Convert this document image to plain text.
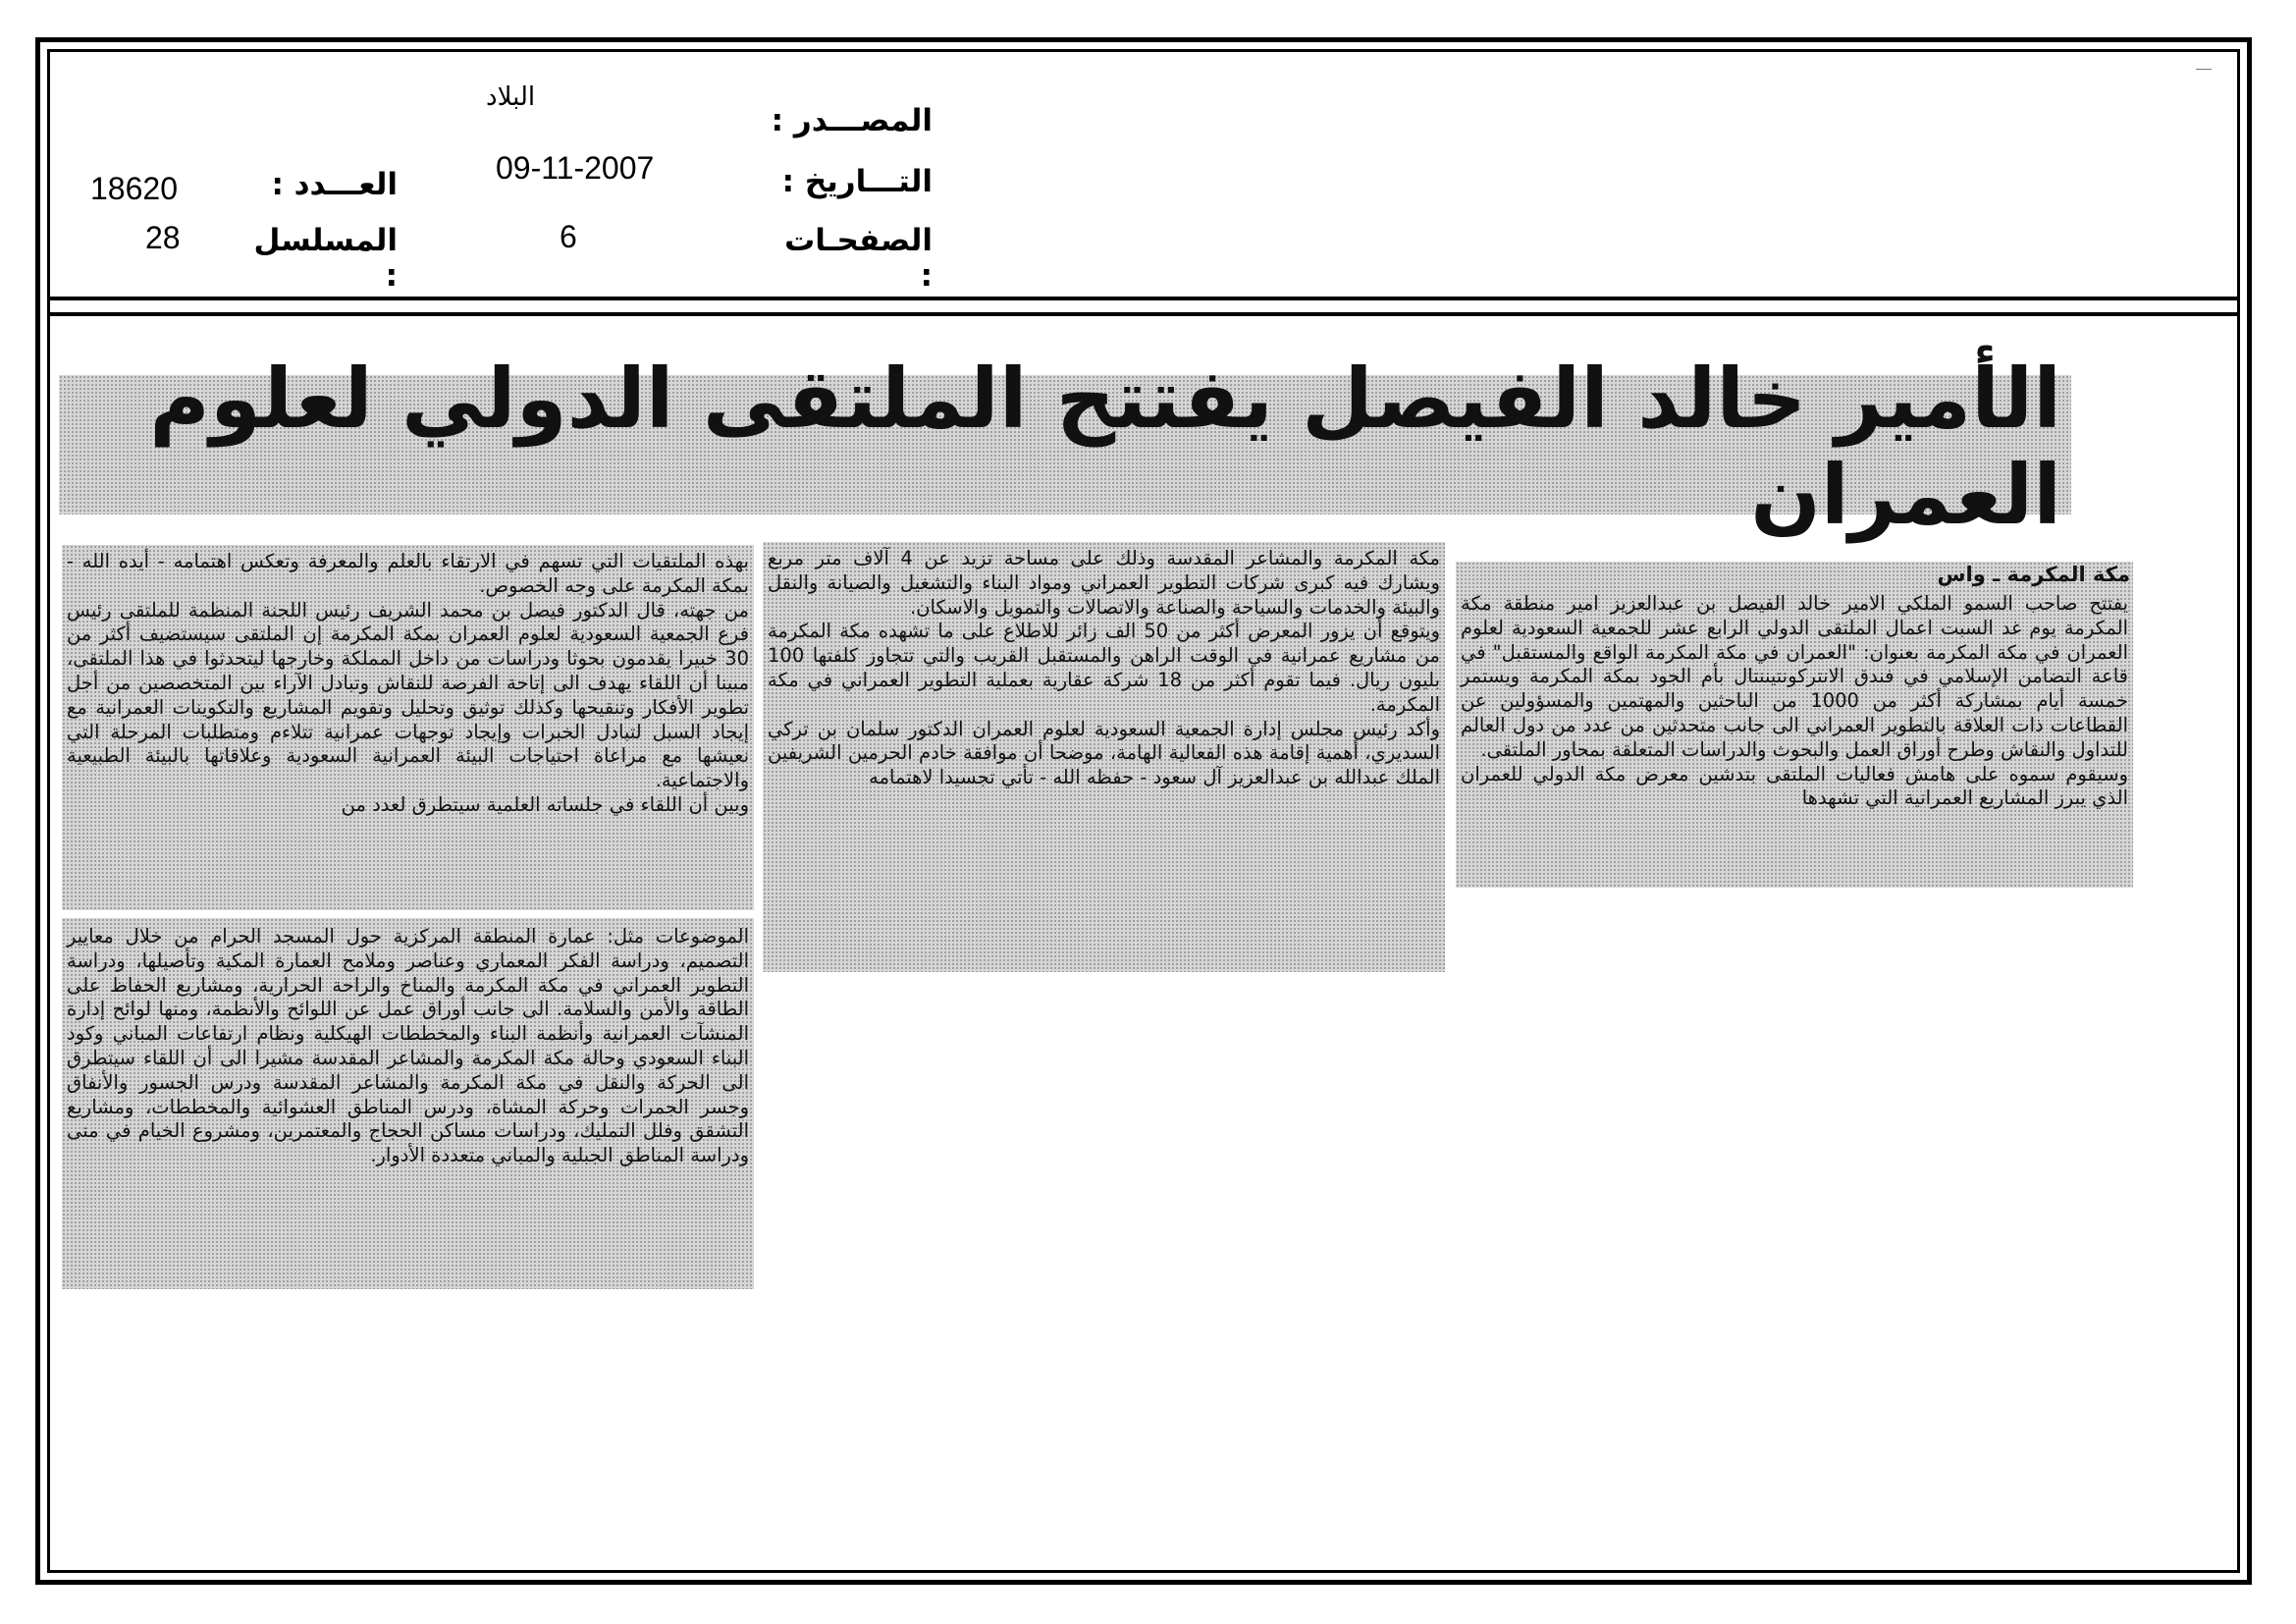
المصـــدر :
التـــاريخ :
الصفحـات :
العـــدد :
المسلسل :
البلاد
09-11-2007
6
18620
28
الأمير خالد الفيصل يفتتح الملتقى الدولي لعلوم العمران
مكة المكرمة ـ واس
يفتتح صاحب السمو الملكي الامير خالد الفيصل بن عبدالعزيز امير منطقة مكة المكرمة يوم غد السبت اعمال الملتقى الدولي الرابع عشر للجمعية السعودية لعلوم العمران في مكة المكرمة بعنوان: "العمران في مكة المكرمة الواقع والمستقبل" في قاعة التضامن الإسلامي في فندق الانتركونتيننتال بأم الجود بمكة المكرمة ويستمر خمسة أيام بمشاركة أكثر من 1000 من الباحثين والمهتمين والمسؤولين عن القطاعات ذات العلاقة بالتطوير العمراني الى جانب متحدثين من عدد من دول العالم للتداول والنقاش وطرح أوراق العمل والبحوث والدراسات المتعلقة بمحاور الملتقى.
وسيقوم سموه على هامش فعاليات الملتقى بتدشين معرض مكة الدولي للعمران الذي يبرز المشاريع العمرانية التي تشهدها
مكة المكرمة والمشاعر المقدسة وذلك على مساحة تزيد عن 4 آلاف متر مربع ويشارك فيه كبرى شركات التطوير العمراني ومواد البناء والتشغيل والصيانة والنقل والبيئة والخدمات والسياحة والصناعة والاتصالات والتمويل والاسكان.
ويتوقع أن يزور المعرض أكثر من 50 الف زائر للاطلاع على ما تشهده مكة المكرمة من مشاريع عمرانية في الوقت الراهن والمستقبل القريب والتي تتجاوز كلفتها 100 بليون ريال. فيما تقوم أكثر من 18 شركة عقارية بعملية التطوير العمراني في مكة المكرمة.
وأكد رئيس مجلس إدارة الجمعية السعودية لعلوم العمران الدكتور سلمان بن تركي السديري، أهمية إقامة هذه الفعالية الهامة، موضحا أن موافقة خادم الحرمين الشريفين الملك عبدالله بن عبدالعزيز آل سعود - حفظه الله - تأتي تجسيدا لاهتمامه
بهذه الملتقيات التي تسهم في الارتقاء بالعلم والمعرفة وتعكس اهتمامه - أيده الله - بمكة المكرمة على وجه الخصوص.
من جهته، قال الدكتور فيصل بن محمد الشريف رئيس اللجنة المنظمة للملتقى رئيس فرع الجمعية السعودية لعلوم العمران بمكة المكرمة إن الملتقى سيستضيف أكثر من 30 خبيرا يقدمون بحوثا ودراسات من داخل المملكة وخارجها ليتحدثوا في هذا الملتقى، مبينا أن اللقاء يهدف الى إتاحة الفرصة للنقاش وتبادل الآراء بين المتخصصين من أجل تطوير الأفكار وتنقيحها وكذلك توثيق وتحليل وتقويم المشاريع والتكوينات العمرانية مع إيجاد السبل لتبادل الخبرات وإيجاد توجهات عمرانية تتلاءم ومتطلبات المرحلة التي نعيشها مع مراعاة احتياجات البيئة العمرانية السعودية وعلاقاتها بالبيئة الطبيعية والاجتماعية.
وبين أن اللقاء في جلساته العلمية سيتطرق لعدد من
الموضوعات مثل: عمارة المنطقة المركزية حول المسجد الحرام من خلال معايير التصميم، ودراسة الفكر المعماري وعناصر وملامح العمارة المكية وتأصيلها، ودراسة التطوير العمراني في مكة المكرمة والمناخ والراحة الحرارية، ومشاريع الحفاظ على الطاقة والأمن والسلامة. الى جانب أوراق عمل عن اللوائح والأنظمة، ومنها لوائح إدارة المنشآت العمرانية وأنظمة البناء والمخططات الهيكلية ونظام ارتفاعات المباني وكود البناء السعودي وحالة مكة المكرمة والمشاعر المقدسة مشيرا الى أن اللقاء سيتطرق الى الحركة والنقل في مكة المكرمة والمشاعر المقدسة ودرس الجسور والأنفاق وجسر الجمرات وحركة المشاة، ودرس المناطق العشوائية والمخططات، ومشاريع التشقق وفلل التمليك، ودراسات مساكن الحجاج والمعتمرين، ومشروع الخيام في منى ودراسة المناطق الجبلية والمباني متعددة الأدوار.
